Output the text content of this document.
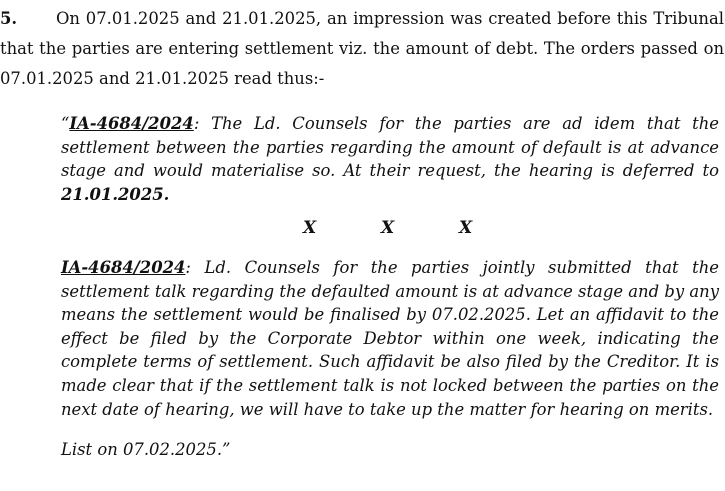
5. On 07.01.2025 and 21.01.2025, an impression was created before this Tribunal that the parties are entering settlement viz. the amount of debt. The orders passed on 07.01.2025 and 21.01.2025 read thus:-
“IA-4684/2024: The Ld. Counsels for the parties are ad idem that the settlement between the parties regarding the amount of default is at advance stage and would materialise so. At their request, the hearing is deferred to 21.01.2025.
X	X	X
IA-4684/2024: Ld. Counsels for the parties jointly submitted that the settlement talk regarding the defaulted amount is at advance stage and by any means the settlement would be finalised by 07.02.2025. Let an affidavit to the effect be filed by the Corporate Debtor within one week, indicating the complete terms of settlement. Such affidavit be also filed by the Creditor. It is made clear that if the settlement talk is not locked between the parties on the next date of hearing, we will have to take up the matter for hearing on merits.
List on 07.02.2025.”
